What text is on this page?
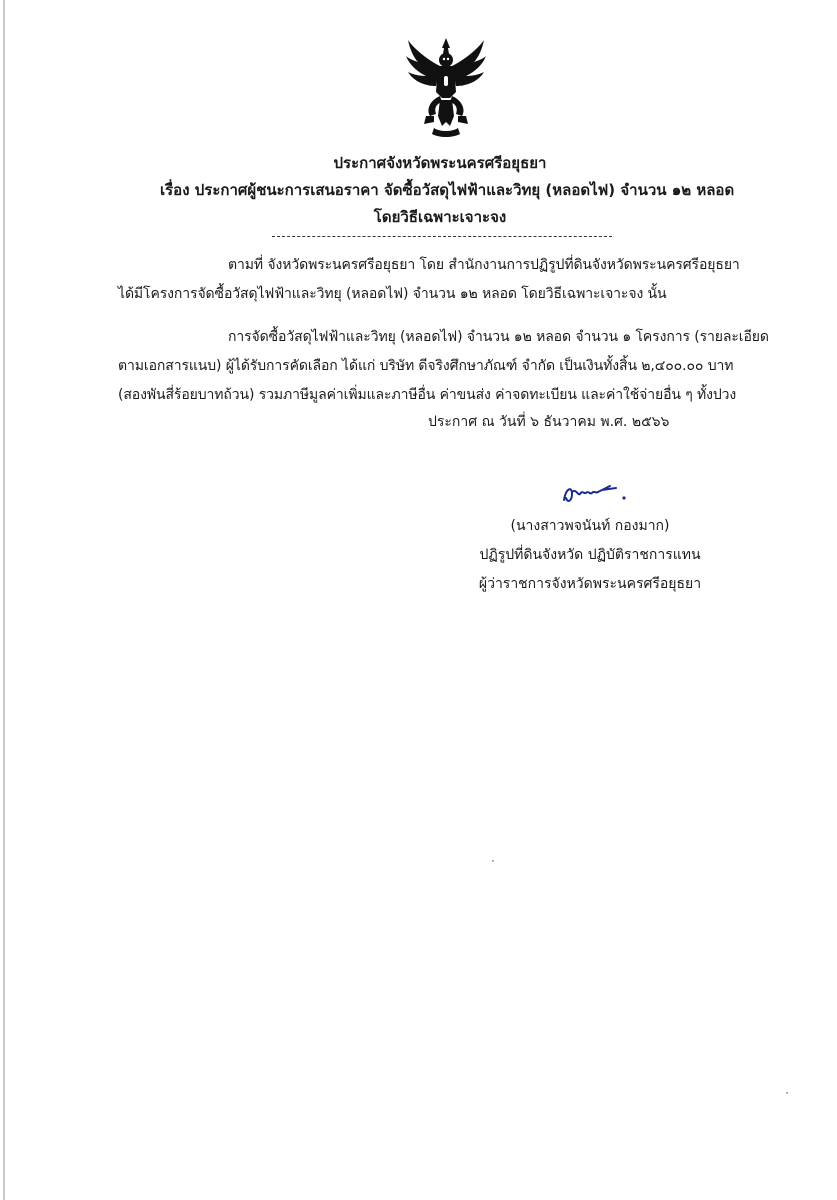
ประกาศจังหวัดพระนครศรีอยุธยา
เรื่อง ประกาศผู้ชนะการเสนอราคา จัดซื้อวัสดุไฟฟ้าและวิทยุ (หลอดไฟ) จำนวน ๑๒ หลอด
โดยวิธีเฉพาะเจาะจง
ตามที่ จังหวัดพระนครศรีอยุธยา โดย สำนักงานการปฏิรูปที่ดินจังหวัดพระนครศรีอยุธยา
ได้มีโครงการจัดซื้อวัสดุไฟฟ้าและวิทยุ (หลอดไฟ) จำนวน ๑๒ หลอด โดยวิธีเฉพาะเจาะจง นั้น
การจัดซื้อวัสดุไฟฟ้าและวิทยุ (หลอดไฟ) จำนวน ๑๒ หลอด จำนวน ๑ โครงการ (รายละเอียด
ตามเอกสารแนบ) ผู้ได้รับการคัดเลือก ได้แก่ บริษัท ดีจริงศึกษาภัณฑ์ จำกัด เป็นเงินทั้งสิ้น ๒,๔๐๐.๐๐ บาท
(สองพันสี่ร้อยบาทถ้วน) รวมภาษีมูลค่าเพิ่มและภาษีอื่น ค่าขนส่ง ค่าจดทะเบียน และค่าใช้จ่ายอื่น ๆ ทั้งปวง
ประกาศ ณ วันที่ ๖ ธันวาคม พ.ศ. ๒๕๖๖
(นางสาวพจนันท์ กองมาก)
ปฏิรูปที่ดินจังหวัด ปฏิบัติราชการแทน
ผู้ว่าราชการจังหวัดพระนครศรีอยุธยา
